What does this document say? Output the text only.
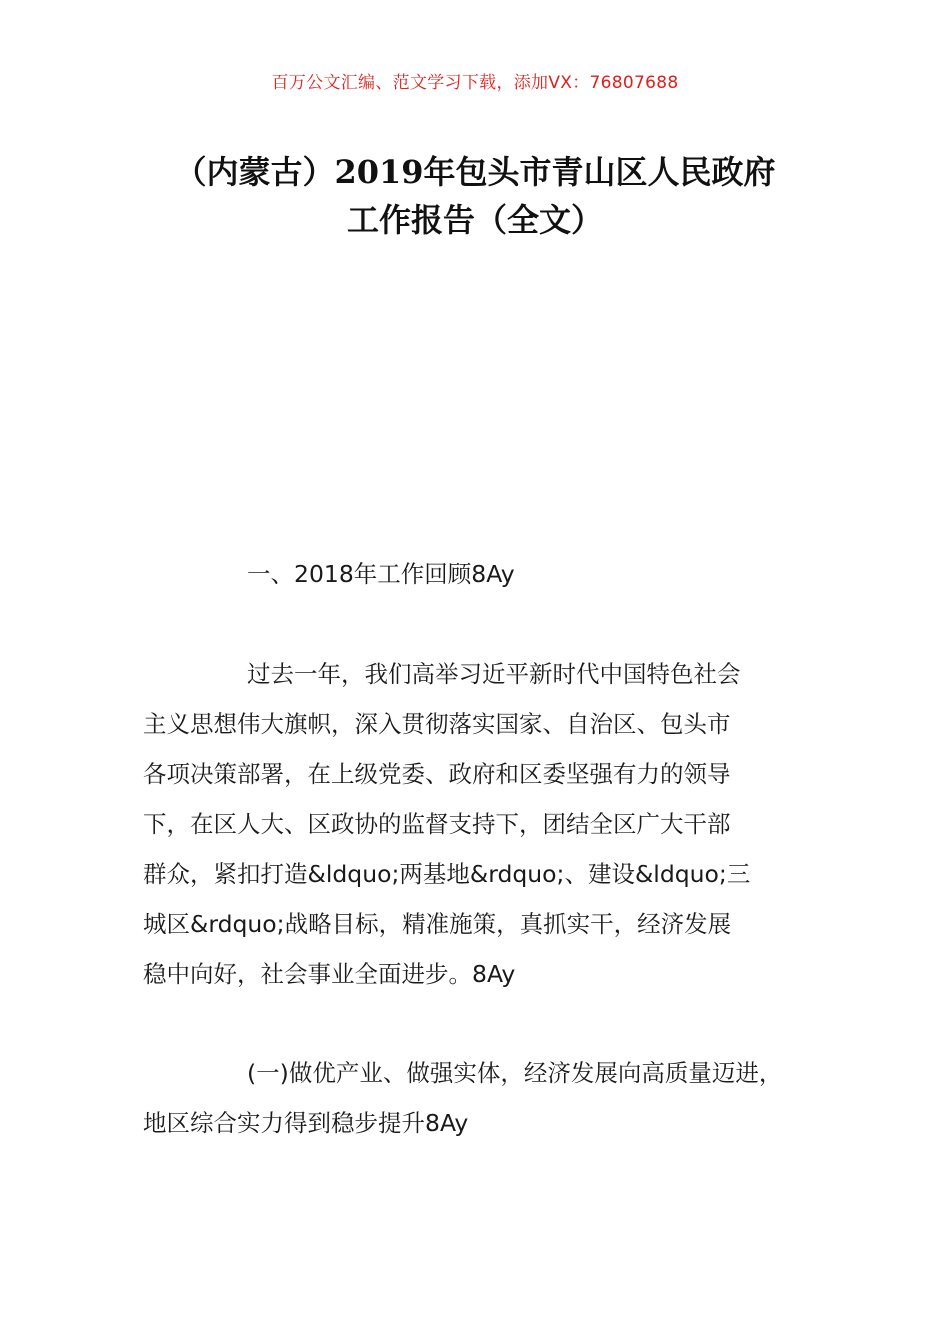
百万公文汇编、范文学习下载，添加VX：76807688
（内蒙古）2019年包头市青山区人民政府
工作报告（全文）
一、2018年工作回顾8Ay
过去一年，我们高举习近平新时代中国特色社会
主义思想伟大旗帜，深入贯彻落实国家、自治区、包头市
各项决策部署，在上级党委、政府和区委坚强有力的领导
下，在区人大、区政协的监督支持下，团结全区广大干部
群众，紧扣打造&ldquo;两基地&rdquo;、建设&ldquo;三
城区&rdquo;战略目标，精准施策，真抓实干，经济发展
稳中向好，社会事业全面进步。8Ay
(一)做优产业、做强实体，经济发展向高质量迈进，
地区综合实力得到稳步提升8Ay
